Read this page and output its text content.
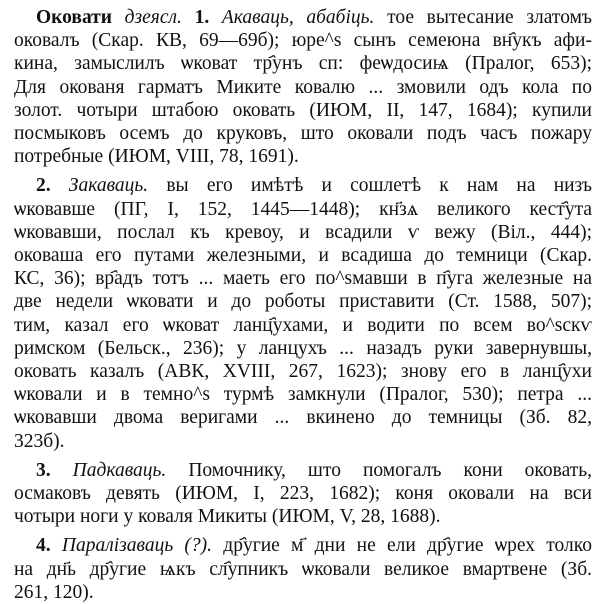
Оковати дзеясл. 1. Акаваць, абабіць. тое вытесание златомъ
оковалъ (Скар. КВ, 69—69б); юре^s сынъ семеюна вн҄укъ афи-
кина, замыслилъ ѡковат тр҄унъ сп: феѡдосиѩ (Пралог, 653);
Для окованя гарматъ Миките ковалю ... змовили одъ кола по
золот. чотыри штабою оковать (ИЮМ, II, 147, 1684); купили
посмыковъ осемъ до круковъ, што оковали подъ часъ пожару
потребные (ИЮМ, VIII, 78, 1691).
2. Закаваць. вы его имѣтѣ и сошлетѣ к нам на низъ
ѡковавше (ПГ, I, 152, 1445—1448); кн҃зѧ великого кест҄ута
ѡковавши, послал къ кревоу, и всадили ѵ вежу (Віл., 444);
оковаша его путами железными, и всадиша до темници (Скар.
КС, 36); вр҄адъ тотъ ... маеть его по^sмавши в п҄уга железные на
две недели ѡковати и до роботы приставити (Ст. 1588, 507);
тим, казал его ѡковат ланц҄ухами, и водити по всем во^sскѵ
римском (Бельск., 236); у ланцухъ ... назадъ руки завернувшы,
оковать казалъ (АВК, XVIII, 267, 1623); знову его в ланц҄ухи
ѡковали и в темно^s турмѣ замкнули (Пралог, 530); петра ...
ѡковавши двома веригами ... вкинено до темницы (Зб. 82,
323б).
3. Падкаваць. Помочнику, што помогалъ кони оковать,
осмаковъ девять (ИЮМ, I, 223, 1682); коня оковали на вси
чотыри ноги у коваля Микиты (ИЮМ, V, 28, 1688).
4. Паралізаваць (?). др҄угие м҃ дни не ели др҄угие ѡрех толко
на дн҃ь др҄угие ѩкъ сл҄упникъ ѡковали великое вмартвенe (Зб.
261, 120).
